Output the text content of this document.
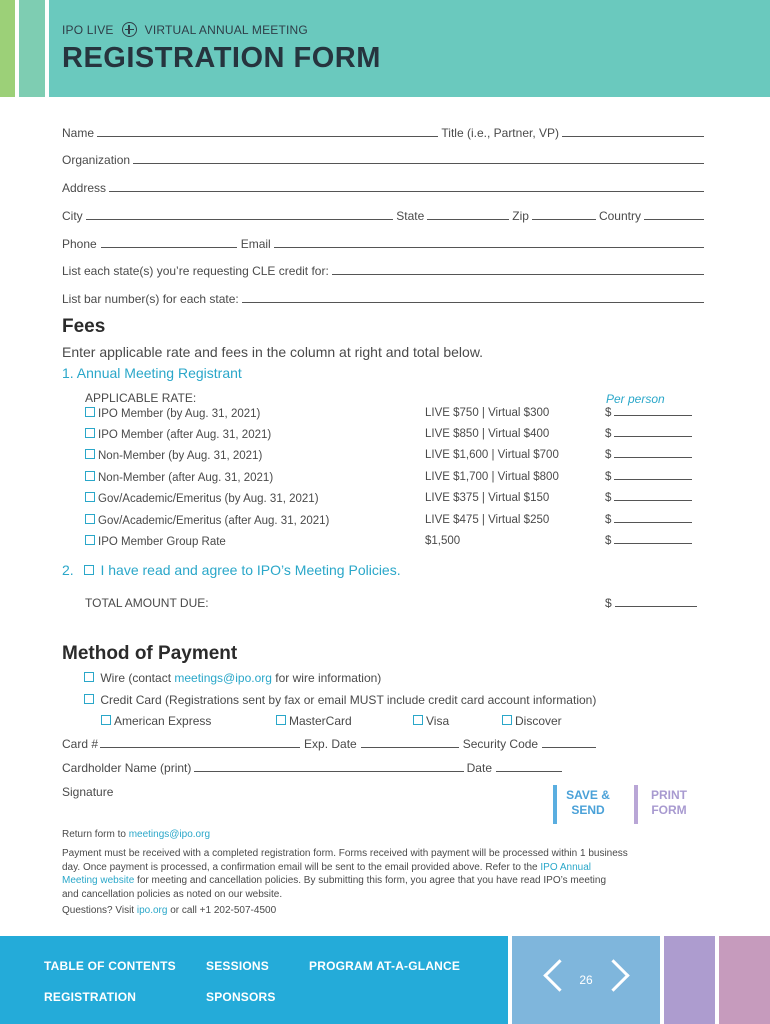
IPO LIVE	VIRTUAL ANNUAL MEETING
REGISTRATION FORM
Name	Title (i.e., Partner, VP)
Organization
Address
City	State	Zip	Country
Phone	Email
List each state(s) you’re requesting CLE credit for:
List bar number(s) for each state:
Fees
Enter applicable rate and fees in the column at right and total below.
1. Annual Meeting Registrant
APPLICABLE RATE:	Per person
IPO Member (by Aug. 31, 2021)	LIVE $750 | Virtual $300	$
IPO Member (after Aug. 31, 2021)	LIVE $850 | Virtual $400	$
Non-Member (by Aug. 31, 2021)	LIVE $1,600 | Virtual $700	$
Non-Member (after Aug. 31, 2021)	LIVE $1,700 | Virtual $800	$
Gov/Academic/Emeritus (by Aug. 31, 2021)	LIVE $375 | Virtual $150	$
Gov/Academic/Emeritus (after Aug. 31, 2021)	LIVE $475 | Virtual $250	$
IPO Member Group Rate	$1,500	$
2. I have read and agree to IPO’s Meeting Policies.
TOTAL AMOUNT DUE:	$
Method of Payment
Wire (contact meetings@ipo.org for wire information)
Credit Card (Registrations sent by fax or email MUST include credit card account information)
American Express	MasterCard	Visa	Discover
Card #	Exp. Date	Security Code
Cardholder Name (print)	Date
Signature	SAVE &
SEND
PRINT
FORM
Return form to meetings@ipo.org
Payment must be received with a completed registration form. Forms received with payment will be processed within 1 business
day. Once payment is processed, a confirmation email will be sent to the email provided above. Refer to the IPO Annual
Meeting website for meeting and cancellation policies. By submitting this form, you agree that you have read IPO’s meeting
and cancellation policies as noted on our website.
Questions? Visit ipo.org or call +1 202-507-4500
TABLE OF CONTENTS	SESSIONS	PROGRAM AT-A-GLANCE
REGISTRATION	SPONSORS
26
